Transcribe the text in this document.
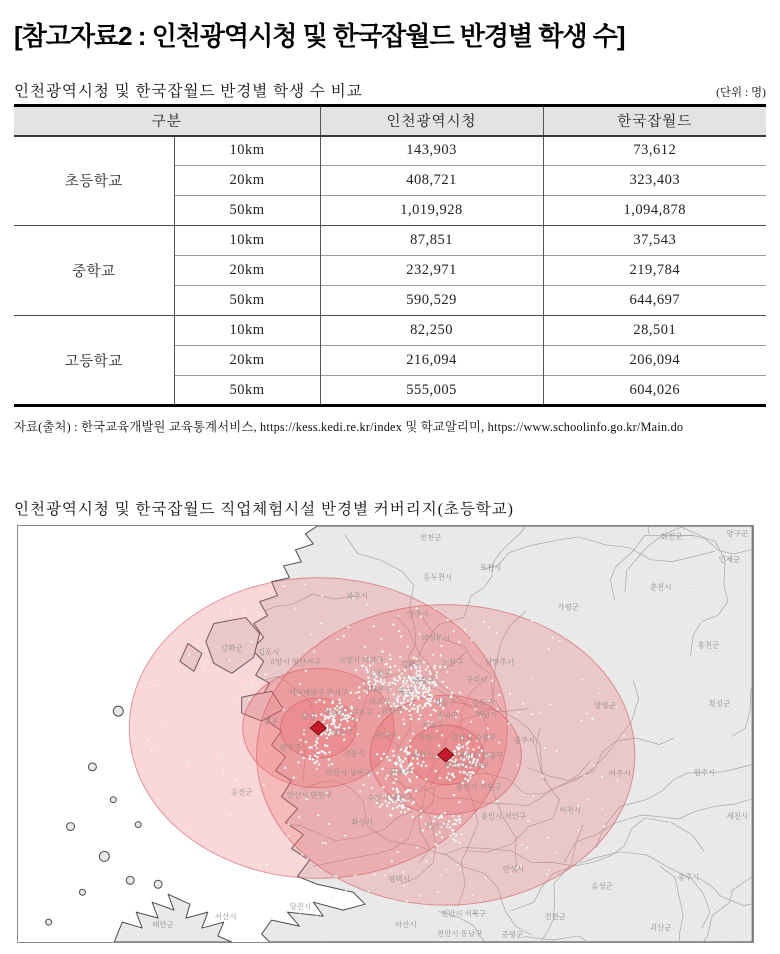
[참고자료2 : 인천광역시청 및 한국잡월드 반경별 학생 수]
인천광역시청 및 한국잡월드 반경별 학생 수 비교	(단위 : 명)
구분		인천광역시청	한국잡월드
초등학교	10km	143,903	73,612
	20km	408,721	323,403
	50km	1,019,928	1,094,878
중학교	10km	87,851	37,543
	20km	232,971	219,784
	50km	590,529	644,697
고등학교	10km	82,250	28,501
	20km	216,094	206,094
	50km	555,005	604,026
자료(출처) : 한국교육개발원 교육통계서비스, https://kess.kedi.re.kr/index 및 학교알리미, https://www.schoolinfo.go.kr/Main.do
인천광역시청 및 한국잡월드 직업체험시설 반경별 커버리지(초등학교)
연천군	화천군	양구군
인제군
포천시
동두천시
춘천시
파주시
가평군
양주시
의정부시
홍천군
강화군 김포시
고양시 일산서구 고양시 덕양구 강북구	노원구	남양주시
은평구
중랑구	구리시
서구계양구 강서구 서대문구 중구
마포구	성동구 강동구
동구 부평구 구로구 금천구
송파구 하남시
중구	서초구
양평군	횡성군
남동구	관악구	과천시 성남시 수정구 광주시
연수구
의왕시	성남시 분당구
용인시 수지구
시흥시
안산시 상록구 군포시	여주시	원주시
용인시 기흥구
옹진군	안산시 단원구	수원시 권선구
이천시
제천시
용인시 처인구
화성시	오산시
안성시
평택시
음성군
충주시
당진시
태안군
서산시
아산시
천안시 서북구	진천군
천안시 동남구	증평군
괴산군
